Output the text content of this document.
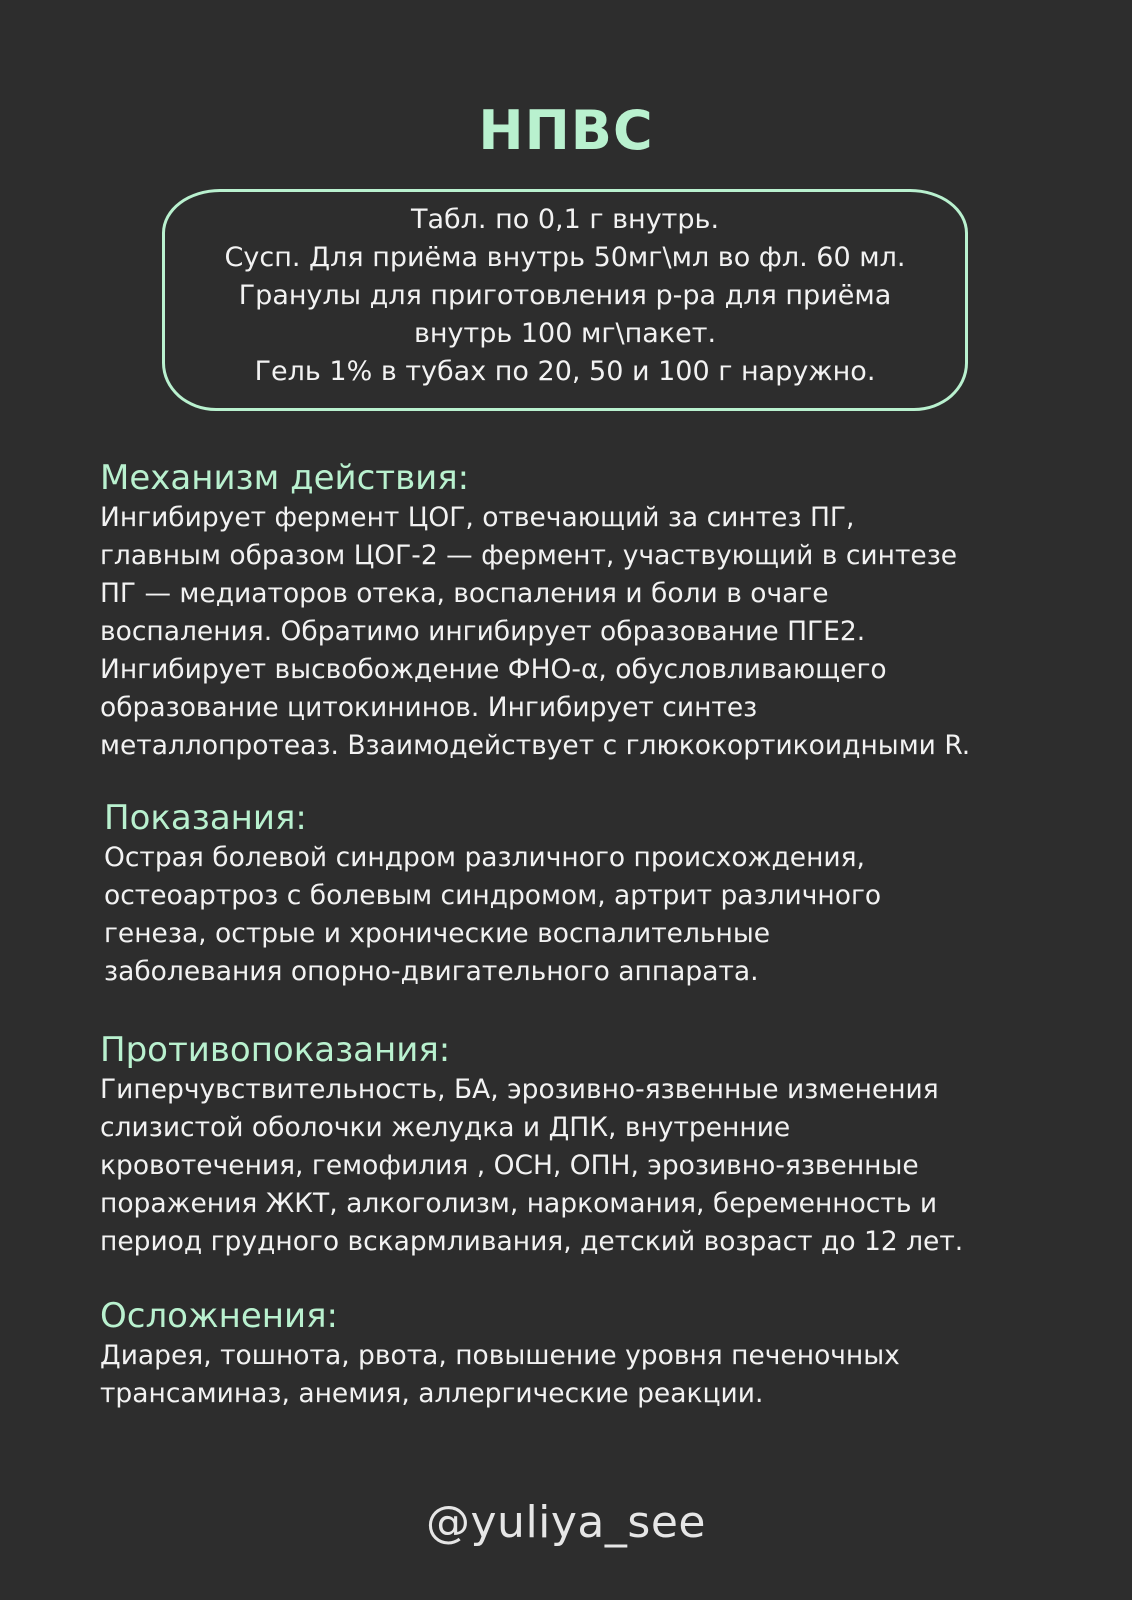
НПВС
Табл. по 0,1 г внутрь.
Сусп. Для приёма внутрь 50мг\мл во фл. 60 мл.
Гранулы для приготовления р-ра для приёма
внутрь 100 мг\пакет.
Гель 1% в тубах по 20, 50 и 100 г наружно.
Механизм действия:
Ингибирует фермент ЦОГ, отвечающий за синтез ПГ,
главным образом ЦОГ-2 — фермент, участвующий в синтезе
ПГ — медиаторов отека, воспаления и боли в очаге
воспаления. Обратимо ингибирует образование ПГЕ2.
Ингибирует высвобождение ФНО-α, обусловливающего
образование цитокининов. Ингибирует синтез
металлопротеаз. Взаимодействует с глюкокортикоидными R.
Показания:
Острая болевой синдром различного происхождения,
остеоартроз с болевым синдромом, артрит различного
генеза, острые и хронические воспалительные
заболевания опорно-двигательного аппарата.
Противопоказания:
Гиперчувствительность, БА, эрозивно-язвенные изменения
слизистой оболочки желудка и ДПК, внутренние
кровотечения, гемофилия , ОСН, ОПН, эрозивно-язвенные
поражения ЖКТ, алкоголизм, наркомания, беременность и
период грудного вскармливания, детский возраст до 12 лет.
Осложнения:
Диарея, тошнота, рвота, повышение уровня печеночных
трансаминаз, анемия, аллергические реакции.
@yuliya_see
